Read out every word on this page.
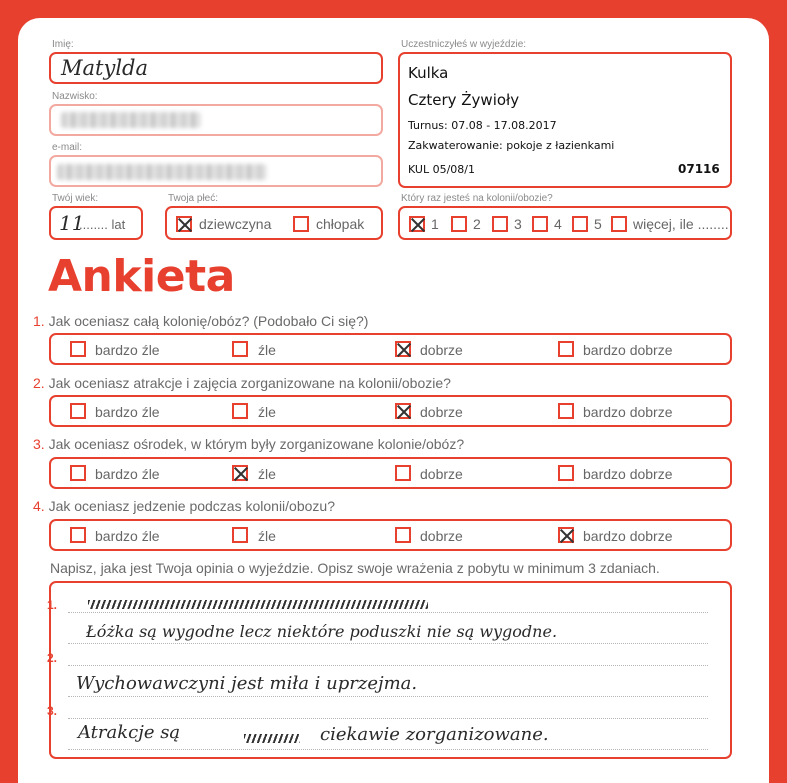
Imię:
Matylda
Nazwisko:
e-mail:
Twój wiek:
11
........ lat
Twoja płeć:
dziewczyna	chłopak
Uczestniczyłeś w wyjeździe:
Kulka
Cztery Żywioły
Turnus: 07.08 - 17.08.2017
Zakwaterowanie: pokoje z łazienkami
KUL 05/08/1	07116
Który raz jesteś na kolonii/obozie?
1 2 3 4 5 więcej, ile ........
Ankieta
1. Jak oceniasz całą kolonię/obóz? (Podobało Ci się?)
bardzo źle	źle	dobrze	bardzo dobrze
2. Jak oceniasz atrakcje i zajęcia zorganizowane na kolonii/obozie?
bardzo źle	źle	dobrze	bardzo dobrze
3. Jak oceniasz ośrodek, w którym były zorganizowane kolonie/obóz?
bardzo źle	źle	dobrze	bardzo dobrze
4. Jak oceniasz jedzenie podczas kolonii/obozu?
bardzo źle	źle	dobrze	bardzo dobrze
Napisz, jaka jest Twoja opinia o wyjeździe. Opisz swoje wrażenia z pobytu w minimum 3 zdaniach.
1.
Łóżka są wygodne lecz niektóre poduszki nie są wygodne.
2.
Wychowawczyni jest miła i uprzejma.
3.
Atrakcje są	ciekawie zorganizowane.
